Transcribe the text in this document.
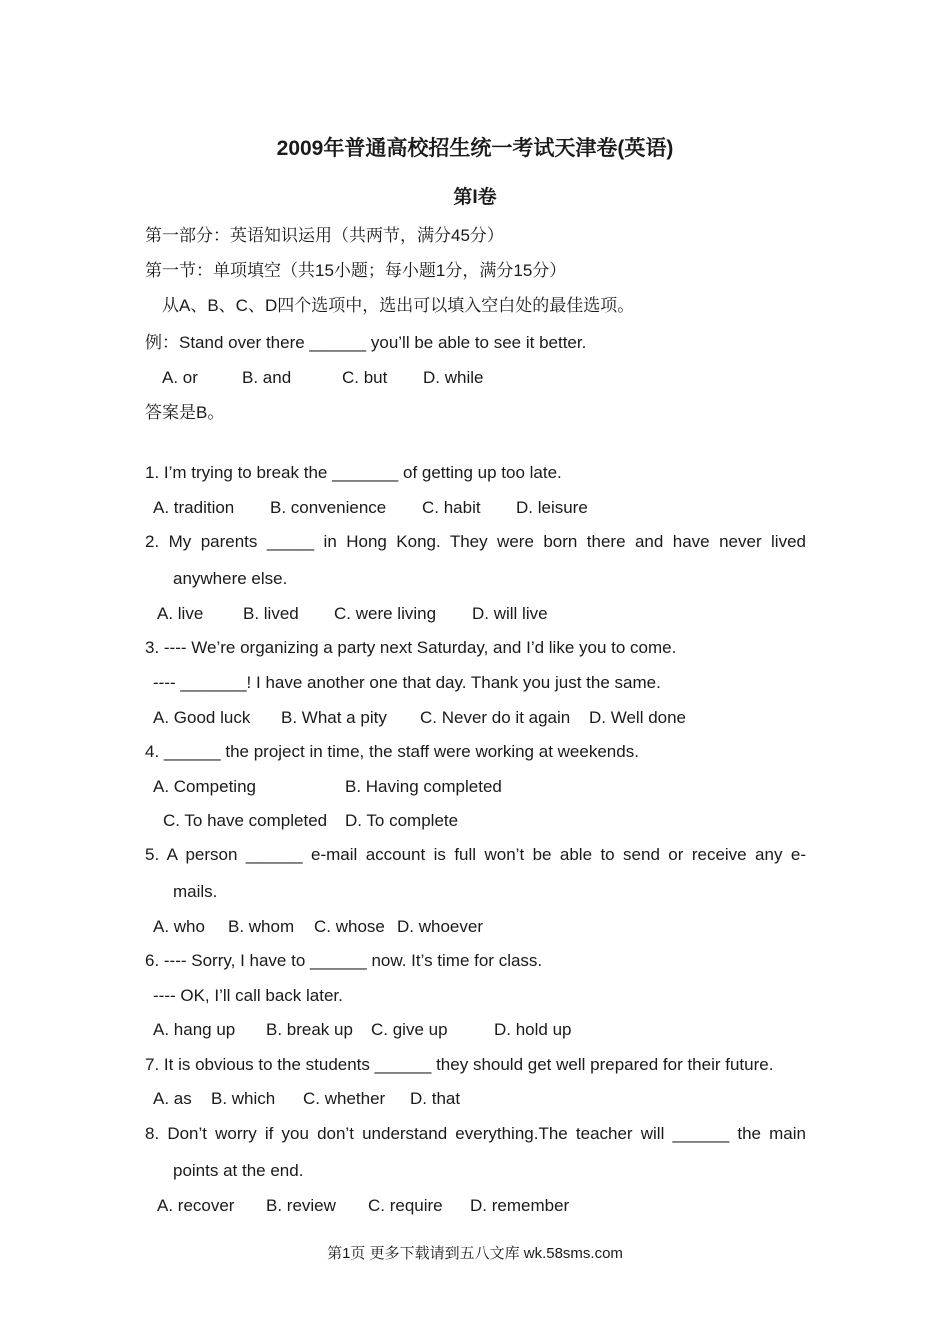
2009年普通高校招生统一考试天津卷(英语)
第I卷
第一部分：英语知识运用（共两节，满分45分）
第一节：单项填空（共15小题；每小题1分，满分15分）
从A、B、C、D四个选项中，选出可以填入空白处的最佳选项。
例：Stand over there ______ you’ll be able to see it better.
A. or	B. and	C. but D. while
答案是B。
1. I’m trying to break the _______ of getting up too late.
A. tradition B. convenience C. habit D. leisure
2. My parents _____ in Hong Kong. They were born there and have never lived
anywhere else.
A. live B. lived C. were living D. will live
3. ---- We’re organizing a party next Saturday, and I’d like you to come.
---- _______! I have another one that day. Thank you just the same.
A. Good luck B. What a pity C. Never do it again D. Well done
4. ______ the project in time, the staff were working at weekends.
A. Competing	B. Having completed
C. To have completed D. To complete
5. A person ______ e-mail account is full won’t be able to send or receive any e-
mails.
A. who B. whom C. whose D. whoever
6. ---- Sorry, I have to ______ now. It’s time for class.
---- OK, I’ll call back later.
A. hang up B. break up C. give up	D. hold up
7. It is obvious to the students ______ they should get well prepared for their future.
A. as B. which C. whether D. that
8. Don’t worry if you don’t understand everything.The teacher will ______ the main
points at the end.
A. recover B. review C. require D. remember
第1页 更多下载请到五八文库 wk.58sms.com
